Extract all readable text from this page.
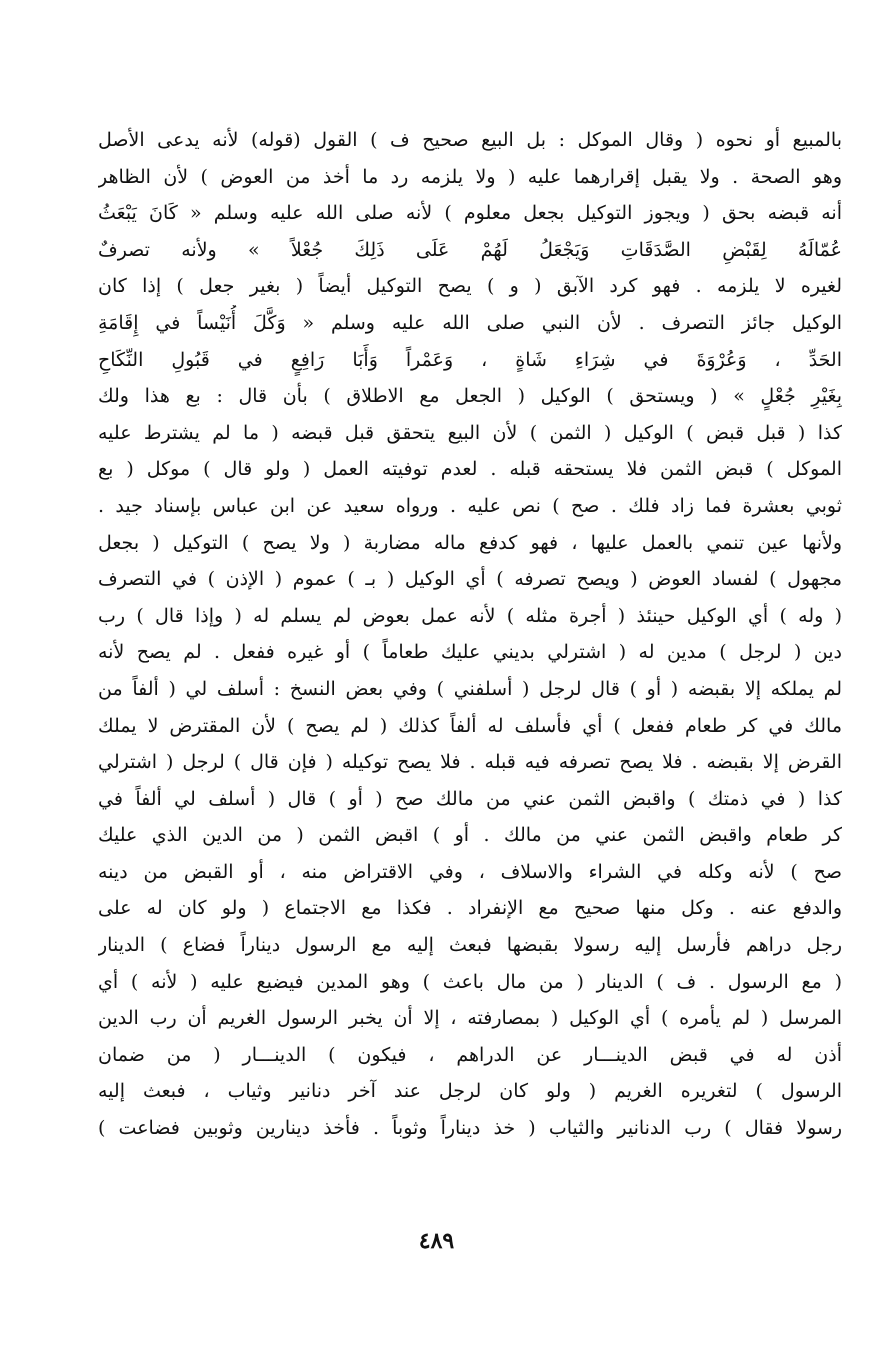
بالمبيع أو نحوه ( وقال الموكل : بل البيع صحيح ف ) القول (قوله) لأنه يدعى الأصل
وهو الصحة . ولا يقبل إقرارهما عليه ( ولا يلزمه رد ما أخذ من العوض ) لأن الظاهر
أنه قبضه بحق ( ويجوز التوكيل بجعل معلوم ) لأنه صلى الله عليه وسلم « كَانَ يَبْعَثُ
عُمّالَهُ لِقَبْضِ الصَّدَقَاتِ وَيَجْعَلُ لَهُمْ عَلَى ذَلِكَ جُعْلاً » ولأنه تصرفٌ
لغيره لا يلزمه . فهو كرد الآبق ( و ) يصح التوكيل أيضاً ( بغير جعل ) إذا كان
الوكيل جائز التصرف . لأن النبي صلى الله عليه وسلم « وَكَّلَ أُنَيْساً في إِقَامَةِ
الحَدِّ ، وَعُرْوَةَ في شِرَاءِ شَاةٍ ، وَعَمْراً وَأَبَا رَافِعٍ في قَبُولِ النِّكَاحِ
بِغَيْرِ جُعْلٍ » ( ويستحق ) الوكيل ( الجعل مع الاطلاق ) بأن قال : بع هذا ولك
كذا ( قبل قبض ) الوكيل ( الثمن ) لأن البيع يتحقق قبل قبضه ( ما لم يشترط عليه
الموكل ) قبض الثمن فلا يستحقه قبله . لعدم توفيته العمل ( ولو قال ) موكل ( بع
ثوبي بعشرة فما زاد فلك . صح ) نص عليه . ورواه سعيد عن ابن عباس بإسناد جيد .
ولأنها عين تنمي بالعمل عليها ، فهو كدفع ماله مضاربة ( ولا يصح ) التوكيل ( بجعل
مجهول ) لفساد العوض ( ويصح تصرفه ) أي الوكيل ( بـ ) عموم ( الإذن ) في التصرف
( وله ) أي الوكيل حينئذ ( أجرة مثله ) لأنه عمل بعوض لم يسلم له ( وإذا قال ) رب
دين ( لرجل ) مدين له ( اشترلي بديني عليك طعاماً ) أو غيره ففعل . لم يصح لأنه
لم يملكه إلا بقبضه ( أو ) قال لرجل ( أسلفني ) وفي بعض النسخ : أسلف لي ( ألفاً من
مالك في كر طعام ففعل ) أي فأسلف له ألفاً كذلك ( لم يصح ) لأن المقترض لا يملك
القرض إلا بقبضه . فلا يصح تصرفه فيه قبله . فلا يصح توكيله ( فإن قال ) لرجل ( اشترلي
كذا ( في ذمتك ) واقبض الثمن عني من مالك صح ( أو ) قال ( أسلف لي ألفاً في
كر طعام واقبض الثمن عني من مالك . أو ) اقبض الثمن ( من الدين الذي عليك
صح ) لأنه وكله في الشراء والاسلاف ، وفي الاقتراض منه ، أو القبض من دينه
والدفع عنه . وكل منها صحيح مع الإنفراد . فكذا مع الاجتماع ( ولو كان له على
رجل دراهم فأرسل إليه رسولا بقبضها فبعث إليه مع الرسول ديناراً فضاع ) الدينار
( مع الرسول . ف ) الدينار ( من مال باعث ) وهو المدين فيضيع عليه ( لأنه ) أي
المرسل ( لم يأمره ) أي الوكيل ( بمصارفته ، إلا أن يخبر الرسول الغريم أن رب الدين
أذن له في قبض الدينـــار عن الدراهم ، فيكون ) الدينـــار ( من ضمان
الرسول ) لتغريره الغريم ( ولو كان لرجل عند آخر دنانير وثياب ، فبعث إليه
رسولا فقال ) رب الدنانير والثياب ( خذ ديناراً وثوباً . فأخذ دينارين وثوبين فضاعت )
٤٨٩
